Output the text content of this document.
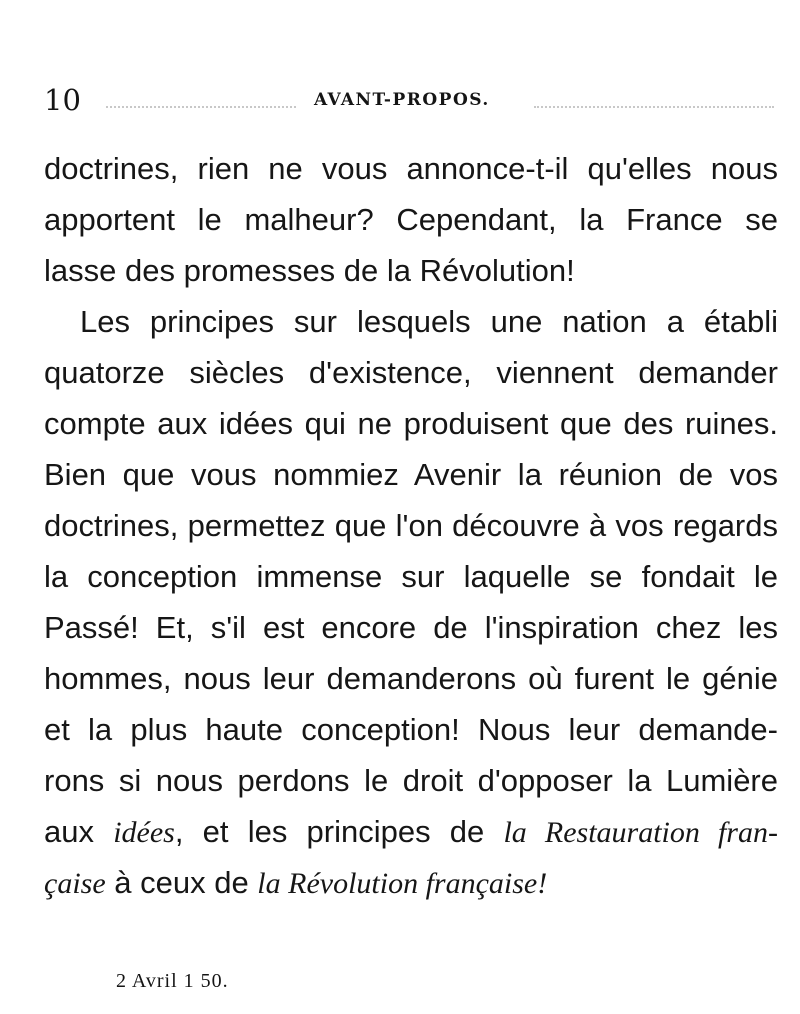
10	AVANT-PROPOS.
doctrines, rien ne vous annonce-t-il qu'elles nous
apportent le malheur? Cependant, la France se
lasse des promesses de la Révolution!
Les principes sur lesquels une nation a établi
quatorze siècles d'existence, viennent demander
compte aux idées qui ne produisent que des ruines.
Bien que vous nommiez Avenir la réunion de vos
doctrines, permettez que l'on découvre à vos regards
la conception immense sur laquelle se fondait le
Passé! Et, s'il est encore de l'inspiration chez les
hommes, nous leur demanderons où furent le génie
et la plus haute conception! Nous leur demande-
rons si nous perdons le droit d'opposer la Lumière
aux idées, et les principes de la Restauration fran-
çaise à ceux de la Révolution française!
2 Avril 1 50.
